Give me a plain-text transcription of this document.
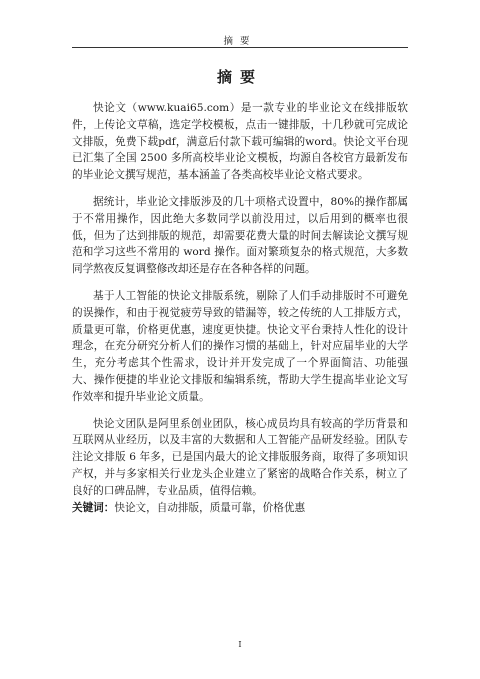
摘要
摘要

快论文（www.kuai65.com）是一款专业的毕业论文在线排版软件，上传论文草稿，选定学校模板，点击一键排版，十几秒就可完成论文排版，免费下载pdf，满意后付款下载可编辑的word。快论文平台现已汇集了全国 2500 多所高校毕业论文模板，均源自各校官方最新发布的毕业论文撰写规范，基本涵盖了各类高校毕业论文格式要求。

据统计，毕业论文排版涉及的几十项格式设置中，80%的操作都属于不常用操作，因此绝大多数同学以前没用过，以后用到的概率也很低，但为了达到排版的规范，却需要花费大量的时间去解读论文撰写规范和学习这些不常用的 word 操作。面对繁琐复杂的格式规范，大多数同学熬夜反复调整修改却还是存在各种各样的问题。

基于人工智能的快论文排版系统，剔除了人们手动排版时不可避免的误操作，和由于视觉疲劳导致的错漏等，较之传统的人工排版方式，质量更可靠，价格更优惠，速度更快捷。快论文平台秉持人性化的设计理念，在充分研究分析人们的操作习惯的基础上，针对应届毕业的大学生，充分考虑其个性需求，设计并开发完成了一个界面简洁、功能强大、操作便捷的毕业论文排版和编辑系统，帮助大学生提高毕业论文写作效率和提升毕业论文质量。

快论文团队是阿里系创业团队，核心成员均具有较高的学历背景和互联网从业经历，以及丰富的大数据和人工智能产品研发经验。团队专注论文排版 6 年多，已是国内最大的论文排版服务商，取得了多项知识产权，并与多家相关行业龙头企业建立了紧密的战略合作关系，树立了良好的口碑品牌，专业品质，值得信赖。

关键词：快论文，自动排版，质量可靠，价格优惠
I
